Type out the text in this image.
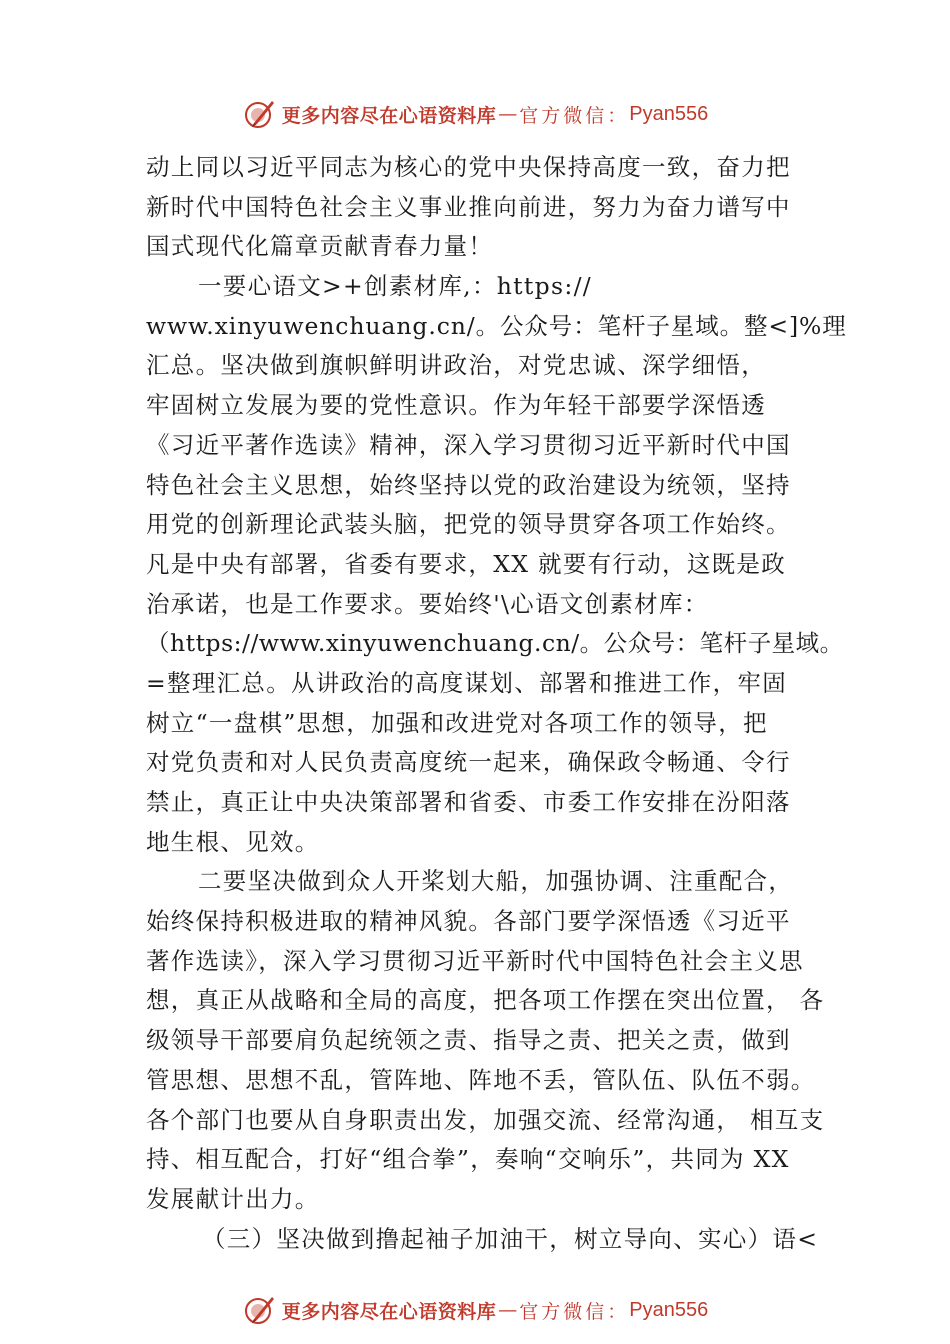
更多内容尽在心语资料库 — 官方微信： Pyan556
动上同以习近平同志为核心的党中央保持高度一致，奋力把
新时代中国特色社会主义事业推向前进，努力为奋力谱写中
国式现代化篇章贡献青春力量！
一要心语文>+创素材库,：https://
www.xinyuwenchuang.cn/。公众号：笔杆子星域。整<]%理
汇总。坚决做到旗帜鲜明讲政治，对党忠诚、深学细悟，
牢固树立发展为要的党性意识。作为年轻干部要学深悟透
《习近平著作选读》精神，深入学习贯彻习近平新时代中国
特色社会主义思想，始终坚持以党的政治建设为统领，坚持
用党的创新理论武装头脑，把党的领导贯穿各项工作始终。
凡是中央有部署，省委有要求，XX 就要有行动，这既是政
治承诺，也是工作要求。要始终'\心语文创素材库：
（https://www.xinyuwenchuang.cn/。公众号：笔杆子星域。
=整理汇总。从讲政治的高度谋划、部署和推进工作，牢固
树立“一盘棋”思想，加强和改进党对各项工作的领导，把
对党负责和对人民负责高度统一起来，确保政令畅通、令行
禁止，真正让中央决策部署和省委、市委工作安排在汾阳落
地生根、见效。
二要坚决做到众人开桨划大船，加强协调、注重配合，
始终保持积极进取的精神风貌。各部门要学深悟透《习近平
著作选读》，深入学习贯彻习近平新时代中国特色社会主义思
想，真正从战略和全局的高度，把各项工作摆在突出位置， 各
级领导干部要肩负起统领之责、指导之责、把关之责，做到
管思想、思想不乱，管阵地、阵地不丢，管队伍、队伍不弱。
各个部门也要从自身职责出发，加强交流、经常沟通， 相互支
持、相互配合，打好“组合拳”，奏响“交响乐”，共同为 XX
发展献计出力。
（三）坚决做到撸起袖子加油干，树立导向、实心）语<
更多内容尽在心语资料库 — 官方微信： Pyan556
